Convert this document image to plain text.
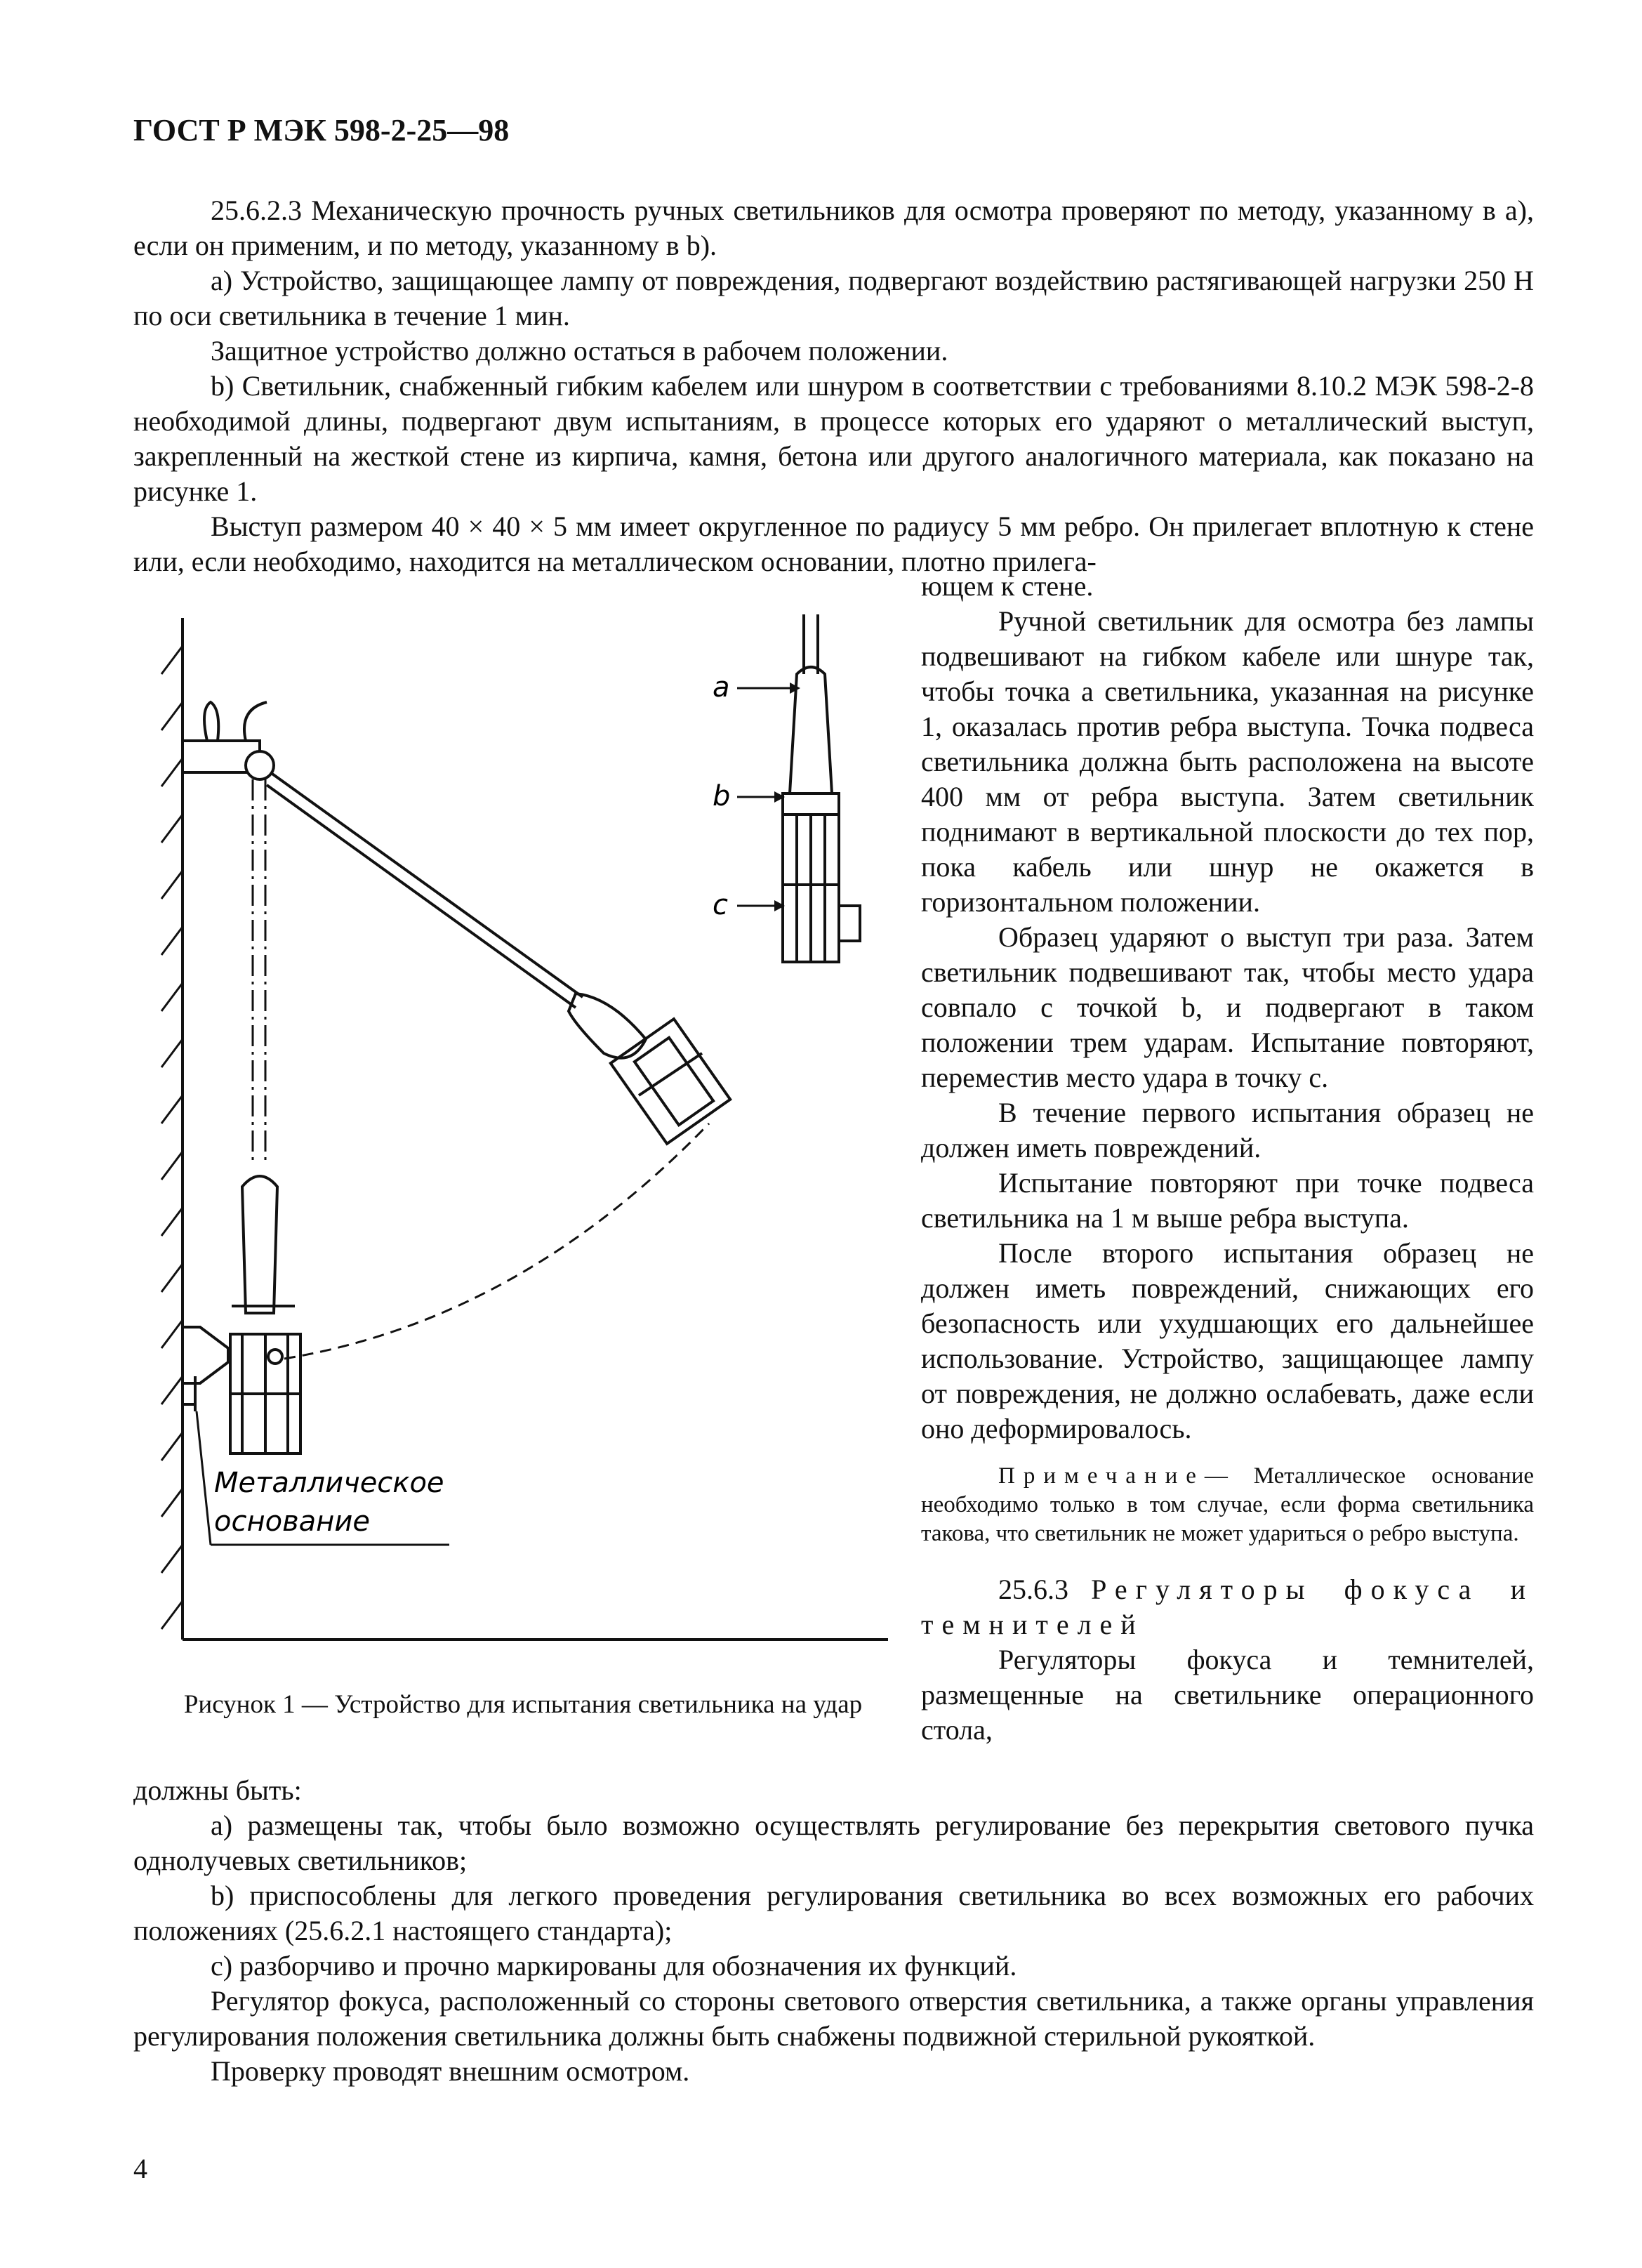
ГОСТ Р МЭК 598-2-25—98

25.6.2.3 Механическую прочность ручных светильников для осмотра проверяют по методу, указанному в а), если он применим, и по методу, указанному в b).

а) Устройство, защищающее лампу от повреждения, подвергают воздействию растягивающей нагрузки 250 Н по оси светильника в течение 1 мин.

Защитное устройство должно остаться в рабочем положении.

b) Светильник, снабженный гибким кабелем или шнуром в соответствии с требованиями 8.10.2 МЭК 598-2-8 необходимой длины, подвергают двум испытаниям, в процессе которых его ударяют о металлический выступ, закрепленный на жесткой стене из кирпича, камня, бетона или другого аналогичного материала, как показано на рисунке 1.

Выступ размером 40 × 40 × 5 мм имеет округленное по радиусу 5 мм ребро. Он прилегает вплотную к стене или, если необходимо, находится на металлическом основании, плотно прилега-

ющем к стене.

Ручной светильник для осмотра без лампы подвешивают на гибком кабеле или шнуре так, чтобы точка a светильника, указанная на рисунке 1, оказалась против ребра выступа. Точка подвеса светильника должна быть расположена на высоте 400 мм от ребра выступа. Затем светильник поднимают в вертикальной плоскости до тех пор, пока кабель или шнур не окажется в горизонтальном положении.

Образец ударяют о выступ три раза. Затем светильник подвешивают так, чтобы место удара совпало с точкой b, и подвергают в таком положении трем ударам. Испытание повторяют, переместив место удара в точку c.

В течение первого испытания образец не должен иметь повреждений.

Испытание повторяют при точке подвеса светильника на 1 м выше ребра выступа.

После второго испытания образец не должен иметь повреждений, снижающих его безопасность или ухудшающих его дальнейшее использование. Устройство, защищающее лампу от повреждения, не должно ослабевать, даже если оно деформировалось.

Примечание— Металлическое основание необходимо только в том случае, если форма светильника такова, что светильник не может удариться о ребро выступа.

25.6.3 Регуляторы фокуса и темнителей

Регуляторы фокуса и темнителей, размещенные на светильнике операционного стола,

Металлическое
основание
a
b
c
Рисунок 1 — Устройство для испытания светильника на удар

должны быть:

а) размещены так, чтобы было возможно осуществлять регулирование без перекрытия светового пучка однолучевых светильников;

b) приспособлены для легкого проведения регулирования светильника во всех возможных его рабочих положениях (25.6.2.1 настоящего стандарта);

с) разборчиво и прочно маркированы для обозначения их функций.

Регулятор фокуса, расположенный со стороны светового отверстия светильника, а также органы управления регулирования положения светильника должны быть снабжены подвижной стерильной рукояткой.

Проверку проводят внешним осмотром.

4
